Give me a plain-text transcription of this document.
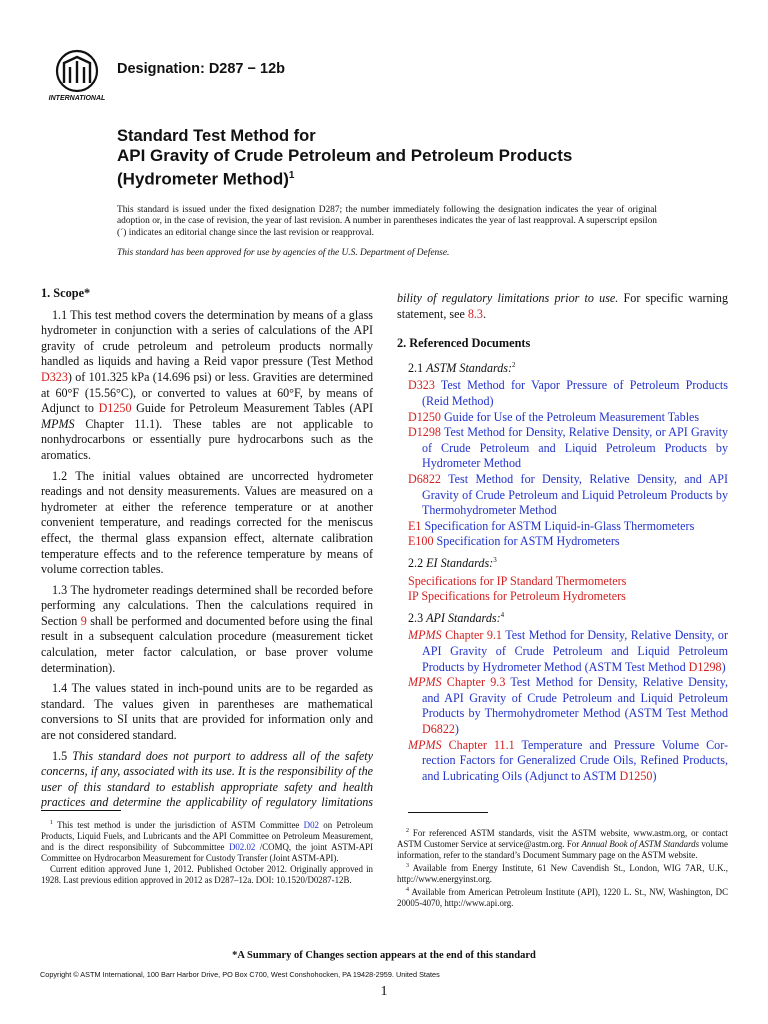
INTERNATIONAL
Designation: D287 − 12b
Standard Test Method for
API Gravity of Crude Petroleum and Petroleum Products
(Hydrometer Method)$^1$
This standard is issued under the fixed designation D287; the number immediately following the designation indicates the year of original adoption or, in the case of revision, the year of last revision. A number in parentheses indicates the year of last reapproval. A superscript epsilon (´) indicates an editorial change since the last revision or reapproval.
This standard has been approved for use by agencies of the U.S. Department of Defense.
1. Scope*

1.1 This test method covers the determination by means of a glass hydrometer in conjunction with a series of calculations of the API gravity of crude petroleum and petroleum products normally handled as liquids and having a Reid vapor pressure (Test Method D323) of 101.325 kPa (14.696 psi) or less. Gravities are determined at 60°F (15.56°C), or converted to values at 60°F, by means of Adjunct to D1250 Guide for Petroleum Measurement Tables (API MPMS Chapter 11.1). These tables are not applicable to nonhydrocarbons or essentially pure hydrocarbons such as the aromatics.

1.2 The initial values obtained are uncorrected hydrometer readings and not density measurements. Values are measured on a hydrometer at either the reference temperature or at another convenient temperature, and readings corrected for the meniscus effect, the thermal glass expansion effect, alternate calibration temperature effects and to the reference temperature by means of volume correction tables.

1.3 The hydrometer readings determined shall be recorded before performing any calculations. Then the calculations required in Section 9 shall be performed and documented before using the final result in a subsequent calculation procedure (measurement ticket calculation, meter factor calculation, or base prover volume determination).

1.4 The values stated in inch-pound units are to be regarded as standard. The values given in parentheses are mathematical conversions to SI units that are provided for information only and are not considered standard.

1.5 This standard does not purport to address all of the safety concerns, if any, associated with its use. It is the responsibility of the user of this standard to establish appropriate safety and health practices and determine the applicability of regulatory limitations

$^1$ This test method is under the jurisdiction of ASTM Committee D02 on Petroleum Products, Liquid Fuels, and Lubricants and the API Committee on Petroleum Measurement, and is the direct responsibility of Subcommittee D02.02 /COMQ, the joint ASTM-API Committee on Hydrocarbon Measurement for Custody Transfer (Joint ASTM-API).

Current edition approved June 1, 2012. Published October 2012. Originally approved in 1928. Last previous edition approved in 2012 as D287–12a. DOI: 10.1520/D0287-12B.

bility of regulatory limitations prior to use. For specific warning statement, see 8.3.

2. Referenced Documents
2.1 ASTM Standards:$^2$
D323 Test Method for Vapor Pressure of Petroleum Products (Reid Method)
D1250 Guide for Use of the Petroleum Measurement Tables
D1298 Test Method for Density, Relative Density, or API Gravity of Crude Petroleum and Liquid Petroleum Products by Hydrometer Method
D6822 Test Method for Density, Relative Density, and API Gravity of Crude Petroleum and Liquid Petroleum Products by Thermohydrometer Method
E1 Specification for ASTM Liquid-in-Glass Thermometers
E100 Specification for ASTM Hydrometers
2.2 EI Standards:$^3$
Specifications for IP Standard Thermometers
IP Specifications for Petroleum Hydrometers
2.3 API Standards:$^4$
MPMS Chapter 9.1 Test Method for Density, Relative Density, or API Gravity of Crude Petroleum and Liquid Petroleum Products by Hydrometer Method (ASTM Test Method D1298)
MPMS Chapter 9.3 Test Method for Density, Relative Density, and API Gravity of Crude Petroleum and Liquid Petroleum Products by Thermohydrometer Method (ASTM Test Method D6822)
MPMS Chapter 11.1 Temperature and Pressure Volume Cor- rection Factors for Generalized Crude Oils, Refined Products, and Lubricating Oils (Adjunct to ASTM D1250)

$^2$ For referenced ASTM standards, visit the ASTM website, www.astm.org, or contact ASTM Customer Service at service@astm.org. For Annual Book of ASTM Standards volume information, refer to the standard’s Document Summary page on the ASTM website.

$^3$ Available from Energy Institute, 61 New Cavendish St., London, WIG 7AR, U.K., http://www.energyinst.org.

$^4$ Available from American Petroleum Institute (API), 1220 L. St., NW, Washington, DC 20005-4070, http://www.api.org.

*A Summary of Changes section appears at the end of this standard
Copyright © ASTM International, 100 Barr Harbor Drive, PO Box C700, West Conshohocken, PA 19428-2959. United States
1
